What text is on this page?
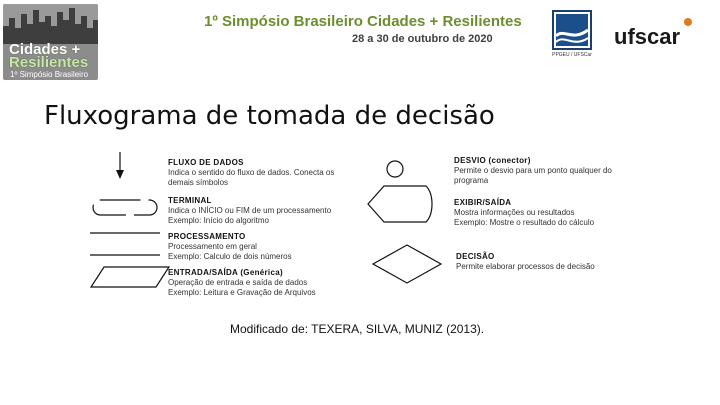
Cidades +
Resilientes
1º Simpósio Brasileiro
1º Simpósio Brasileiro Cidades + Resilientes
28 a 30 de outubro de 2020
PPGEU / UFSCar
ufscar
Fluxograma de tomada de decisão
FLUXO DE DADOS
Indica o sentido do fluxo de dados. Conecta os
demais símbolos
TERMINAL
Indica o INÍCIO ou FIM de um processamento
Exemplo: Início do algoritmo
PROCESSAMENTO
Processamento em geral
Exemplo: Calculo de dois números
ENTRADA/SAÍDA (Genérica)
Operação de entrada e saída de dados
Exemplo: Leitura e Gravação de Arquivos
DESVIO (conector)
Permite o desvio para um ponto qualquer do
programa
EXIBIR/SAÍDA
Mostra informações ou resultados
Exemplo: Mostre o resultado do cálculo
DECISÃO
Permite elaborar processos de decisão
Modificado de: TEXERA, SILVA, MUNIZ (2013).
